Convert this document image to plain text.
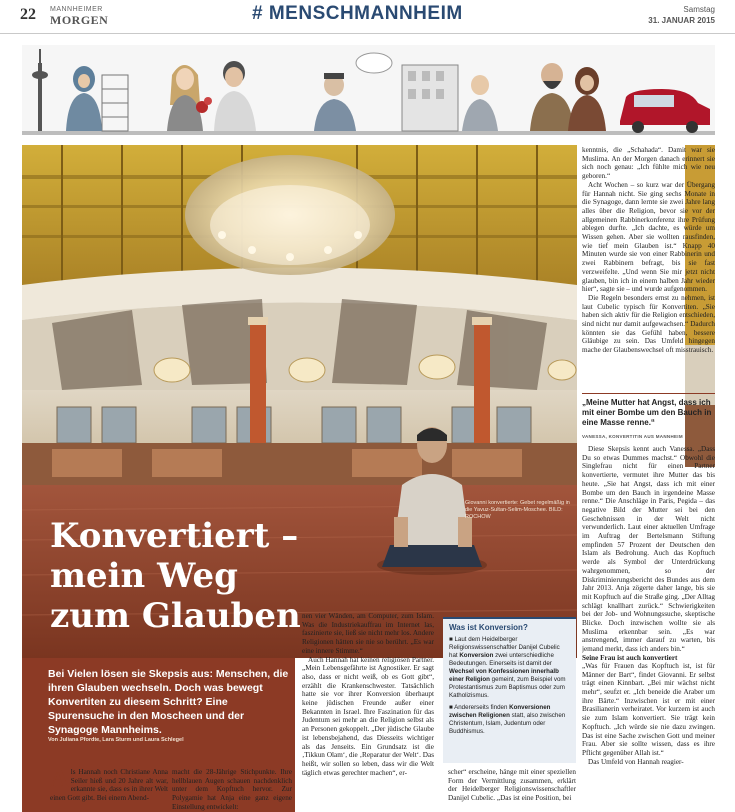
22 MANNHEIMER
MORGEN	# MENSCHMANNHEIM	Samstag
31. JANUAR 2015
Giovanni konvertierte: Gebet regelmäßig in die Yavuz-Sultan-Selim-Moschee. BILD: ROCHOW
Konvertiert –
mein Weg
zum Glauben
Bei Vielen lösen sie Skepsis aus: Menschen, die ihren Glauben wechseln. Doch was bewegt Konvertiten zu diesem Schritt? Eine Spurensuche in den Moscheen und der Synagoge Mannheims.
Von Juliana Pfordte, Lara Sturm und Laura Schlegel

Als Hannah noch Christiane Anna Seiler hieß und 20 Jahre alt war, erkannte sie, dass es in ihrer Welt einen Gott gibt. Bei einem Abend-

macht die 28-Jährige Stichpunkte. Ihre hellblauen Augen schauen nachdenklich unter dem Kopftuch hervor. Zur Polygamie hat Anja eine ganz eigene Einstellung entwickelt:

nen vier Wänden, am Computer, zum Islam. Was die Industriekauffrau im Internet las, faszinierte sie, ließ sie nicht mehr los. Andere Religionen hätten sie nie so berührt. „Es war eine innere Stimme.“

Auch Hannah hat keinen religiösen Partner. „Mein Lebensgefährte ist Agnostiker. Er sagt also, dass er nicht weiß, ob es Gott gibt“, erzählt die Krankenschwester. Tatsächlich hatte sie vor ihrer Konversion überhaupt keine jüdischen Freunde außer einer Bekannten in Israel. Ihre Faszination für das Judentum sei mehr an die Religion selbst als an Personen gekoppelt. „Der jüdische Glaube ist lebensbejahend, das Diesseits wichtiger als das Jenseits. Ein Grundsatz ist die ‚Tikkun Olam‘, die ‚Reparatur der Welt‘. Das heißt, wir sollen so leben, dass wir die Welt täglich etwas gerechter machen“, er-

Was ist Konversion?

■ Laut dem Heidelberger Religionswissenschaftler Danijel Cubelic hat Konversion zwei unterschiedliche Bedeutungen. Einerseits ist damit der Wechsel von Konfessionen innerhalb einer Religion gemeint, zum Beispiel vom Protestantismus zum Baptismus oder zum Katholizismus.

■ Andererseits finden Konversionen zwischen Religionen statt, also zwischen Christentum, Islam, Judentum oder Buddhismus.

scher“ erscheine, hänge mit einer speziellen Form der Vermittlung zusammen, erklärt der Heidelberger Religionswissenschaftler Danijel Cubelic. „Das ist eine Position, bei

kenntnis, die „Schahada“. Damit war sie Muslima. An der Morgen danach erinnert sie sich noch genau: „Ich fühlte mich wie neu geboren.“

Acht Wochen – so kurz war der Übergang für Hannah nicht. Sie ging sechs Monate in die Synagoge, dann lernte sie zwei Jahre lang alles über die Religion, bevor sie vor der allgemeinen Rabbinerkonferenz ihre Prüfung ablegen durfte. „Ich dachte, es würde um Wissen gehen. Aber sie wollten rausfinden, wie tief mein Glauben ist.“ Knapp 40 Minuten wurde sie von einer Rabbinerin und zwei Rabbinern befragt, bis sie fast verzweifelte. „Und wenn Sie mir jetzt nicht glauben, bin ich in einem halben Jahr wieder hier“, sagte sie – und wurde aufgenommen.

Die Regeln besonders ernst zu nehmen, ist laut Cubelic typisch für Konvertiten. „Sie haben sich aktiv für die Religion entschieden, sind nicht nur damit aufgewachsen.“ Dadurch könnten sie das Gefühl haben, bessere Gläubige zu sein. Das Umfeld hingegen mache der Glaubenswechsel oft misstrauisch.

„Meine Mutter hat Angst, dass ich mit einer Bombe um den Bauch in eine Masse renne.“
VANESSA, KONVERTITIN AUS MANNHEIM

Diese Skepsis kennt auch Vanessa. „Dass Du so etwas Dummes machst.“ Obwohl die Singlefrau nicht für einen Partner konvertierte, vermutet ihre Mutter das bis heute. „Sie hat Angst, dass ich mit einer Bombe um den Bauch in irgendeine Masse renne.“ Die Anschläge in Paris, Pegida – das negative Bild der Mutter sei bei den Geschehnissen in der Welt nicht verwunderlich. Laut einer aktuellen Umfrage im Auftrag der Bertelsmann Stiftung empfinden 57 Prozent der Deutschen den Islam als Bedrohung. Auch das Kopftuch werde als Symbol der Unterdrückung wahrgenommen, so der Diskriminierungsbericht des Bundes aus dem Jahr 2013. Anja zögerte daher lange, bis sie mit Kopftuch auf die Straße ging. „Der Alltag schlägt knallhart zurück.“ Schwierigkeiten bei der Job- und Wohnungssuche, skeptische Blicke. Doch inzwischen wollte sie als Muslima erkennbar sein. „Es war anstrengend, immer darauf zu warten, bis jemand merkt, dass ich anders bin.“

Seine Frau ist auch konvertiert

„Was für Frauen das Kopftuch ist, ist für Männer der Bart“, findet Giovanni. Er selbst trägt einen Kinnbart. „Bei mir wächst nicht mehr“, seufzt er. „Ich beneide die Araber um ihre Bärte.“ Inzwischen ist er mit einer Brasilianerin verheiratet. Vor kurzem ist auch sie zum Islam konvertiert. Sie trägt kein Kopftuch. „Ich würde sie nie dazu zwingen. Das ist eine Sache zwischen Gott und meiner Frau. Aber sie sollte wissen, dass es ihre Pflicht gegenüber Allah ist.“

Das Umfeld von Hannah reagier-
